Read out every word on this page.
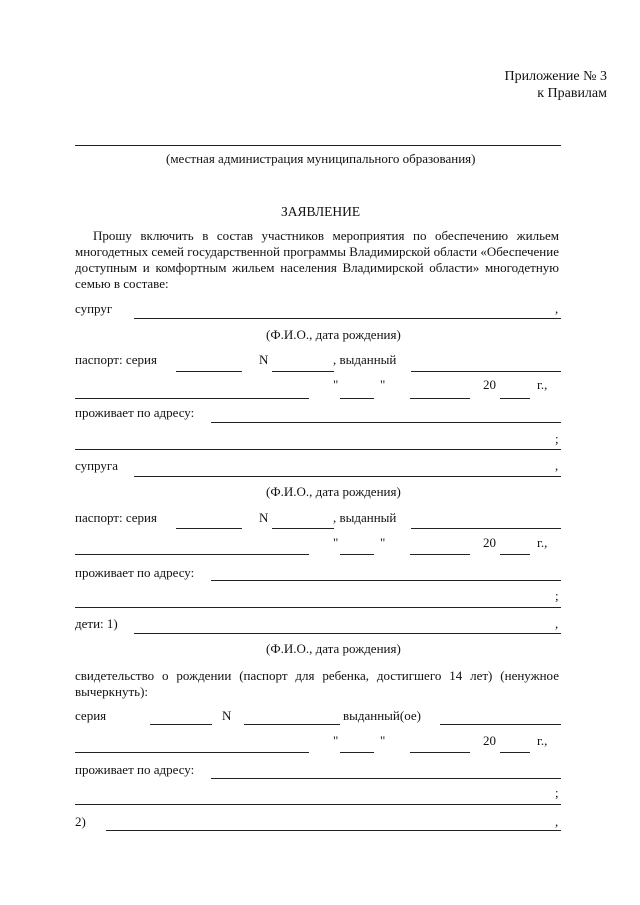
Приложение № 3
к Правилам
(местная администрация муниципального образования)
ЗАЯВЛЕНИЕ
Прошу включить в состав участников мероприятия по обеспечению жильем многодетных семей государственной программы Владимирской области «Обеспечение доступным и комфортным жильем населения Владимирской области» многодетную семью в составе:
супруг	,
(Ф.И.О., дата рождения)
паспорт: серия	N	, выданный
"	"	20	г.,
проживает по адресу:
;
супруга	,
(Ф.И.О., дата рождения)
паспорт: серия	N	, выданный
"	"	20	г.,
проживает по адресу:
;
дети: 1)	,
(Ф.И.О., дата рождения)
свидетельство о рождении (паспорт для ребенка, достигшего 14 лет) (ненужное вычеркнуть):
серия	N	выданный(ое)
"	"	20	г.,
проживает по адресу:
;
2)	,
